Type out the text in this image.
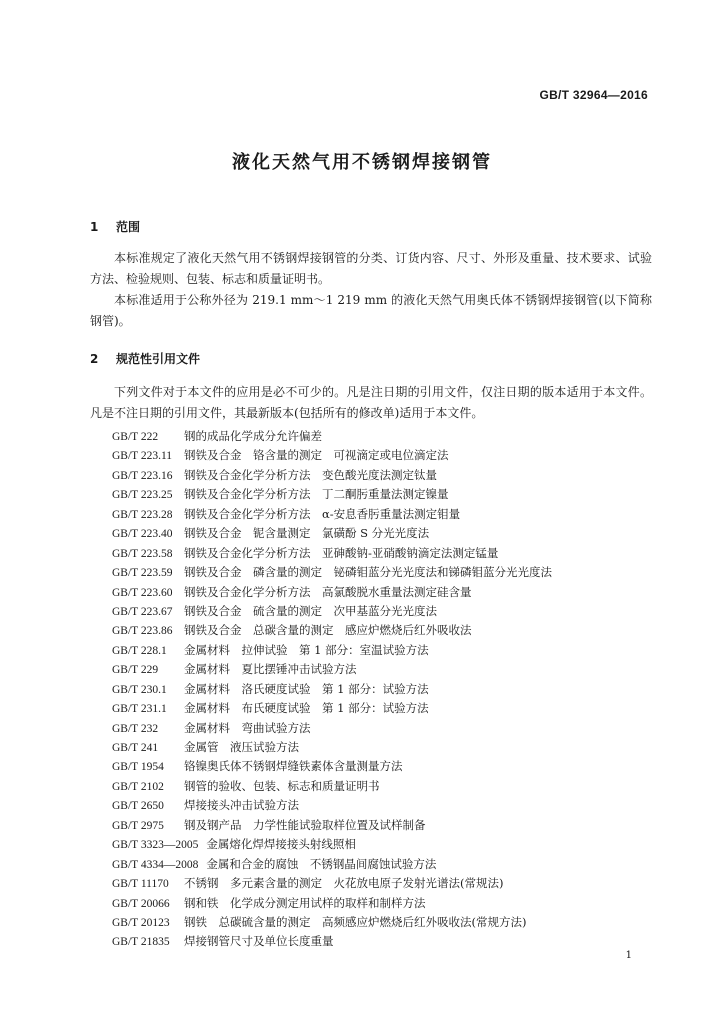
GB/T 32964—2016
液化天然气用不锈钢焊接钢管
1 范围
本标准规定了液化天然气用不锈钢焊接钢管的分类、订货内容、尺寸、外形及重量、技术要求、试验方法、检验规则、包装、标志和质量证明书。
本标准适用于公称外径为 219.1 mm～1 219 mm 的液化天然气用奥氏体不锈钢焊接钢管(以下简称钢管)。
2 规范性引用文件
下列文件对于本文件的应用是必不可少的。凡是注日期的引用文件，仅注日期的版本适用于本文件。凡是不注日期的引用文件，其最新版本(包括所有的修改单)适用于本文件。
GB/T 222 钢的成品化学成分允许偏差
GB/T 223.11 钢铁及合金　铬含量的测定　可视滴定或电位滴定法
GB/T 223.16 钢铁及合金化学分析方法　变色酸光度法测定钛量
GB/T 223.25 钢铁及合金化学分析方法　丁二酮肟重量法测定镍量
GB/T 223.28 钢铁及合金化学分析方法　α-安息香肟重量法测定钼量
GB/T 223.40 钢铁及合金　铌含量测定　氯磺酚 S 分光光度法
GB/T 223.58 钢铁及合金化学分析方法　亚砷酸钠-亚硝酸钠滴定法测定锰量
GB/T 223.59 钢铁及合金　磷含量的测定　铋磷钼蓝分光光度法和锑磷钼蓝分光光度法
GB/T 223.60 钢铁及合金化学分析方法　高氯酸脱水重量法测定硅含量
GB/T 223.67 钢铁及合金　硫含量的测定　次甲基蓝分光光度法
GB/T 223.86 钢铁及合金　总碳含量的测定　感应炉燃烧后红外吸收法
GB/T 228.1 金属材料　拉伸试验　第 1 部分：室温试验方法
GB/T 229 金属材料　夏比摆锤冲击试验方法
GB/T 230.1 金属材料　洛氏硬度试验　第 1 部分：试验方法
GB/T 231.1 金属材料　布氏硬度试验　第 1 部分：试验方法
GB/T 232 金属材料　弯曲试验方法
GB/T 241 金属管　液压试验方法
GB/T 1954 铬镍奥氏体不锈钢焊缝铁素体含量测量方法
GB/T 2102 钢管的验收、包装、标志和质量证明书
GB/T 2650 焊接接头冲击试验方法
GB/T 2975 钢及钢产品　力学性能试验取样位置及试样制备
GB/T 3323—2005 金属熔化焊焊接接头射线照相
GB/T 4334—2008 金属和合金的腐蚀　不锈钢晶间腐蚀试验方法
GB/T 11170 不锈钢　多元素含量的测定　火花放电原子发射光谱法(常规法)
GB/T 20066 钢和铁　化学成分测定用试样的取样和制样方法
GB/T 20123 钢铁　总碳硫含量的测定　高频感应炉燃烧后红外吸收法(常规方法)
GB/T 21835 焊接钢管尺寸及单位长度重量
1
